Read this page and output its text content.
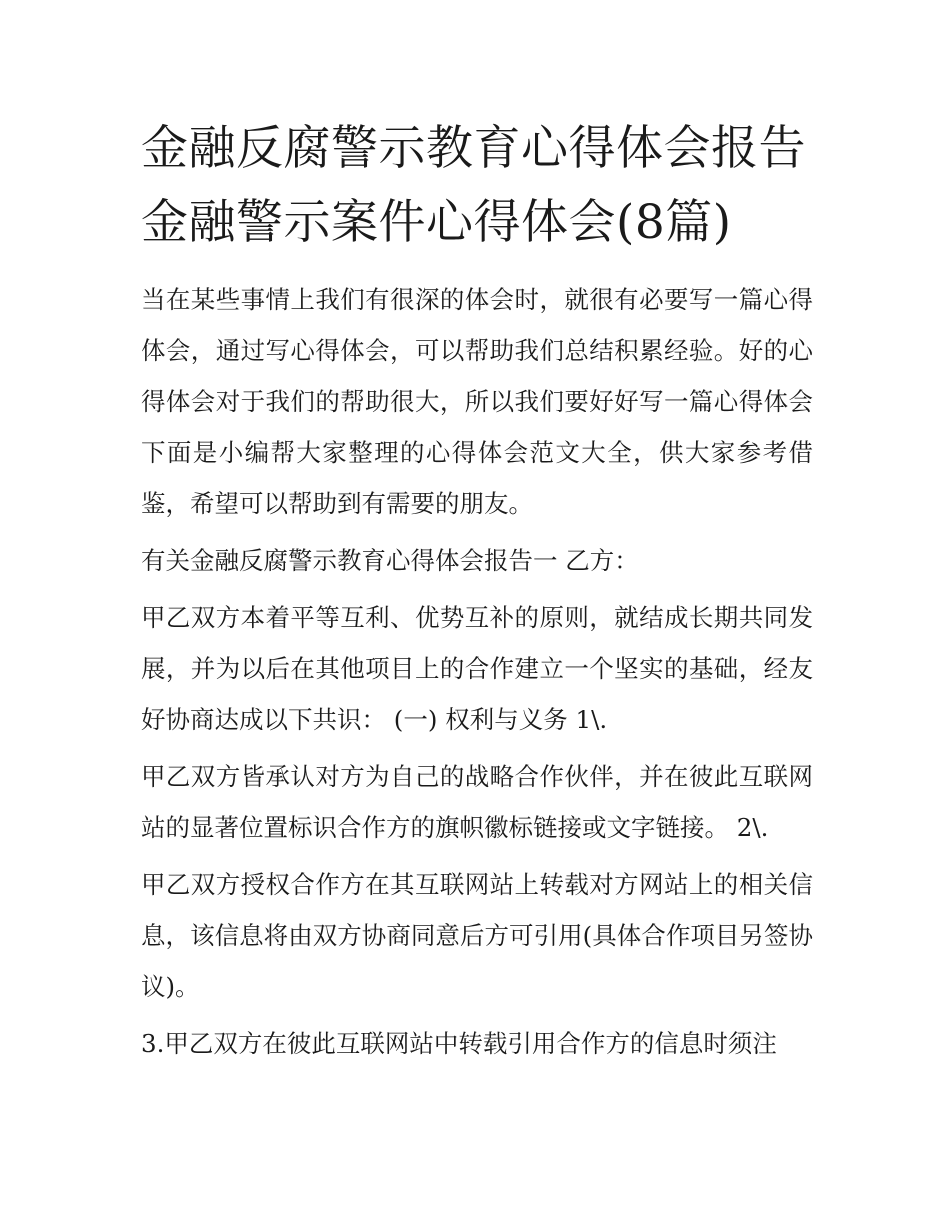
金融反腐警示教育心得体会报告 金融警示案件心得体会(8篇)

当在某些事情上我们有很深的体会时，就很有必要写一篇心得体会，通过写心得体会，可以帮助我们总结积累经验。好的心得体会对于我们的帮助很大，所以我们要好好写一篇心得体会下面是小编帮大家整理的心得体会范文大全，供大家参考借鉴，希望可以帮助到有需要的朋友。

有关金融反腐警示教育心得体会报告一 乙方：

甲乙双方本着平等互利、优势互补的原则，就结成长期共同发展，并为以后在其他项目上的合作建立一个坚实的基础，经友好协商达成以下共识： (一) 权利与义务 1\.

甲乙双方皆承认对方为自己的战略合作伙伴，并在彼此互联网站的显著位置标识合作方的旗帜徽标链接或文字链接。 2\.

甲乙双方授权合作方在其互联网站上转载对方网站上的相关信息，该信息将由双方协商同意后方可引用(具体合作项目另签协议)。

3.甲乙双方在彼此互联网站中转载引用合作方的信息时须注
